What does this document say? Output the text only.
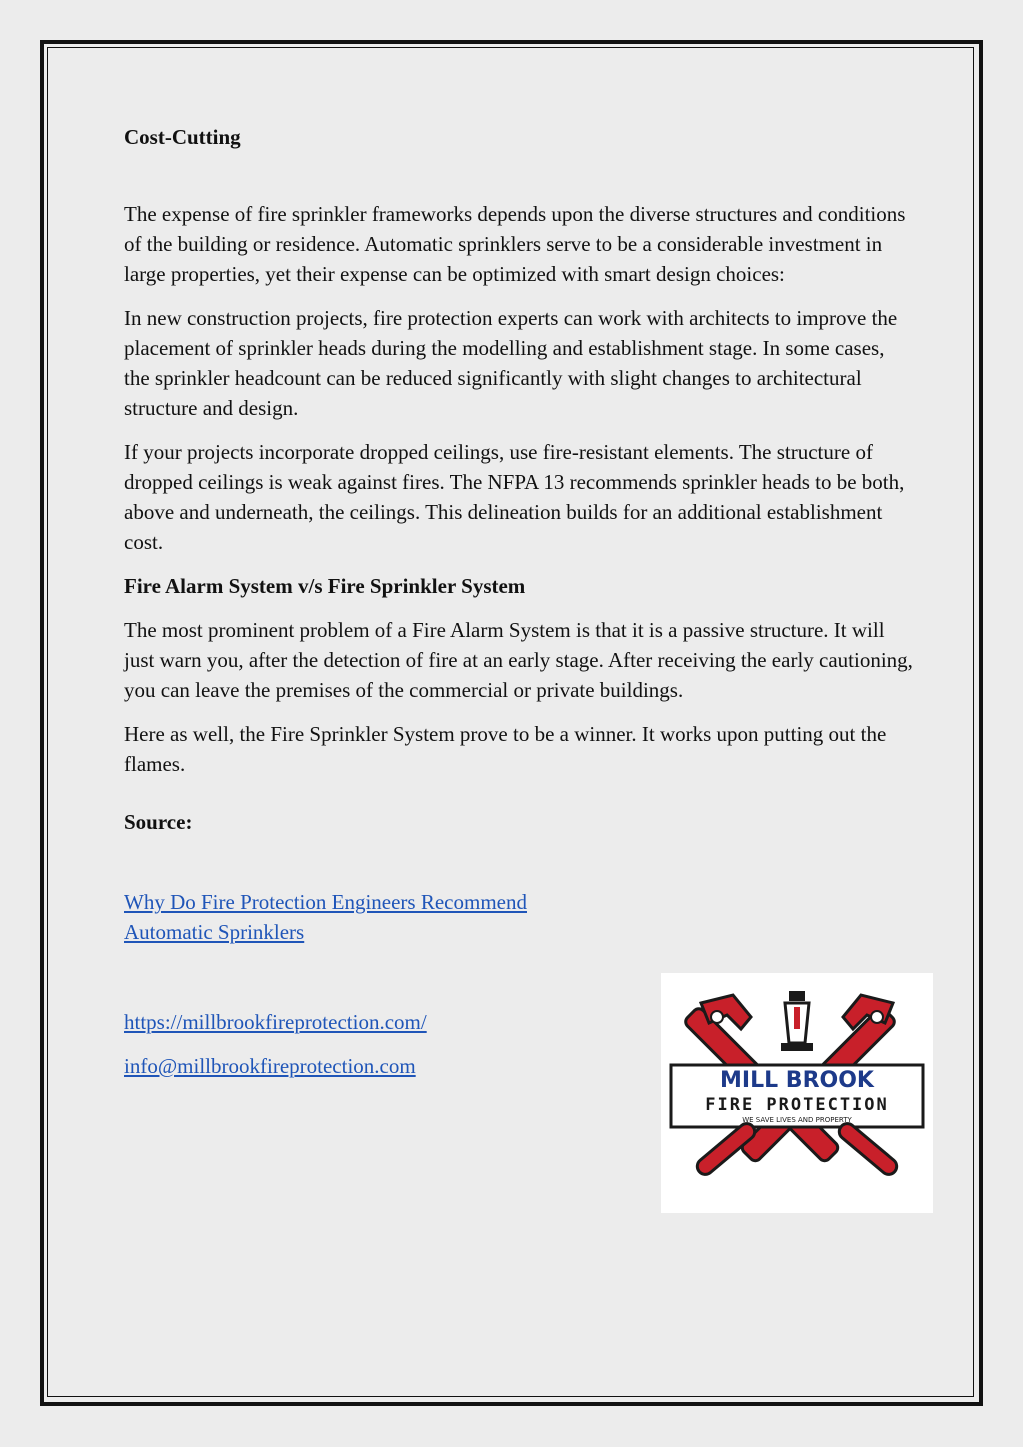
Cost-Cutting

The expense of fire sprinkler frameworks depends upon the diverse structures and conditions of the building or residence. Automatic sprinklers serve to be a considerable investment in large properties, yet their expense can be optimized with smart design choices:

In new construction projects, fire protection experts can work with architects to improve the placement of sprinkler heads during the modelling and establishment stage. In some cases, the sprinkler headcount can be reduced significantly with slight changes to architectural structure and design.

If your projects incorporate dropped ceilings, use fire-resistant elements. The structure of dropped ceilings is weak against fires. The NFPA 13 recommends sprinkler heads to be both, above and underneath, the ceilings. This delineation builds for an additional establishment cost.

Fire Alarm System v/s Fire Sprinkler System

The most prominent problem of a Fire Alarm System is that it is a passive structure. It will just warn you, after the detection of fire at an early stage. After receiving the early cautioning, you can leave the premises of the commercial or private buildings.

Here as well, the Fire Sprinkler System prove to be a winner. It works upon putting out the flames.

Source:

Why Do Fire Protection Engineers Recommend Automatic Sprinklers

https://millbrookfireprotection.com/

info@millbrookfireprotection.com

MILL BROOK
FIRE PROTECTION
WE SAVE LIVES AND PROPERTY
